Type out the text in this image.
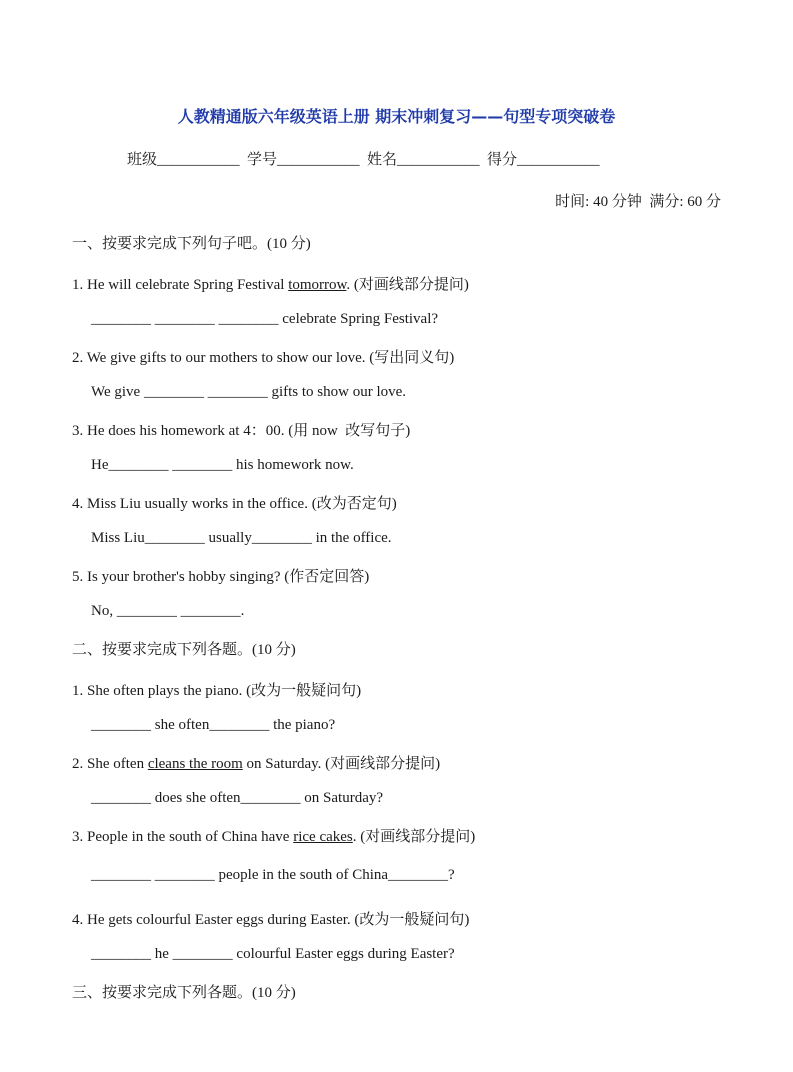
人教精通版六年级英语上册 期末冲刺复习——句型专项突破卷
班级___________  学号___________  姓名___________  得分___________
时间: 40 分钟  满分: 60 分
一、按要求完成下列句子吧。(10 分)
1. He will celebrate Spring Festival tomorrow. (对画线部分提问)
________ ________ ________ celebrate Spring Festival?
2. We give gifts to our mothers to show our love. (写出同义句)
We give ________ ________ gifts to show our love.
3. He does his homework at 4：00. (用 now  改写句子)
He________ ________ his homework now.
4. Miss Liu usually works in the office. (改为否定句)
Miss Liu________ usually________ in the office.
5. Is your brother's hobby singing? (作否定回答)
No, ________ ________.
二、按要求完成下列各题。(10 分)
1. She often plays the piano. (改为一般疑问句)
________ she often________ the piano?
2. She often cleans the room on Saturday. (对画线部分提问)
________ does she often________ on Saturday?
3. People in the south of China have rice cakes. (对画线部分提问)
________ ________ people in the south of China________?
4. He gets colourful Easter eggs during Easter. (改为一般疑问句)
________ he ________ colourful Easter eggs during Easter?
三、按要求完成下列各题。(10 分)
